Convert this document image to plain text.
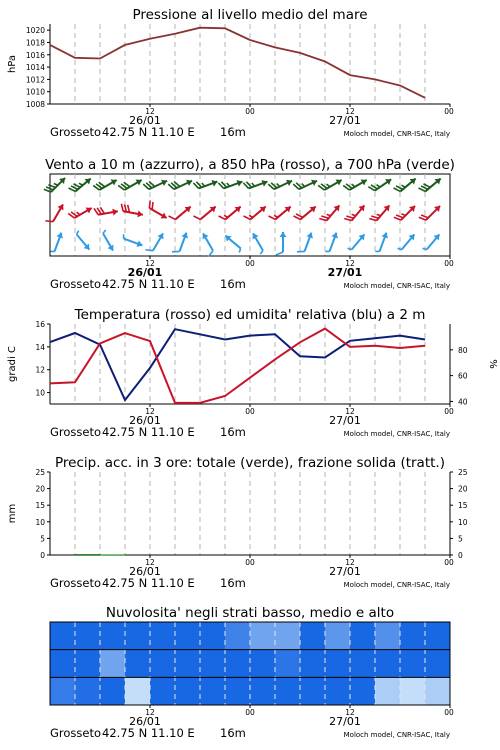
Pressione al livello medio del mare
12	00	12	00
26/01	27/01
Grosseto 42.75 N 11.10 E 16m	Moloch model, CNR-ISAC, Italy
1008
1010
1012
1014
1016
1018
1020
hPa
Vento a 10 m (azzurro), a 850 hPa (rosso), a 700 hPa (verde)
12	00	12	00
26/01	27/01
Grosseto 42.75 N 11.10 E 16m	Moloch model, CNR-ISAC, Italy
Temperatura (rosso) ed umidita' relativa (blu) a 2 m
12	00	12	00
26/01	27/01
Grosseto 42.75 N 11.10 E 16m	Moloch model, CNR-ISAC, Italy
10
12
14
16
40
60
80
gradi C	%
Precip. acc. in 3 ore: totale (verde), frazione solida (tratt.)
12	00	12	00
26/01	27/01
Grosseto 42.75 N 11.10 E 16m	Moloch model, CNR-ISAC, Italy
0
5
10
15
20
25
0
5
10
15
20
25
mm
Nuvolosita' negli strati basso, medio e alto
12	00	12	00
26/01	27/01
Grosseto 42.75 N 11.10 E 16m	Moloch model, CNR-ISAC, Italy
